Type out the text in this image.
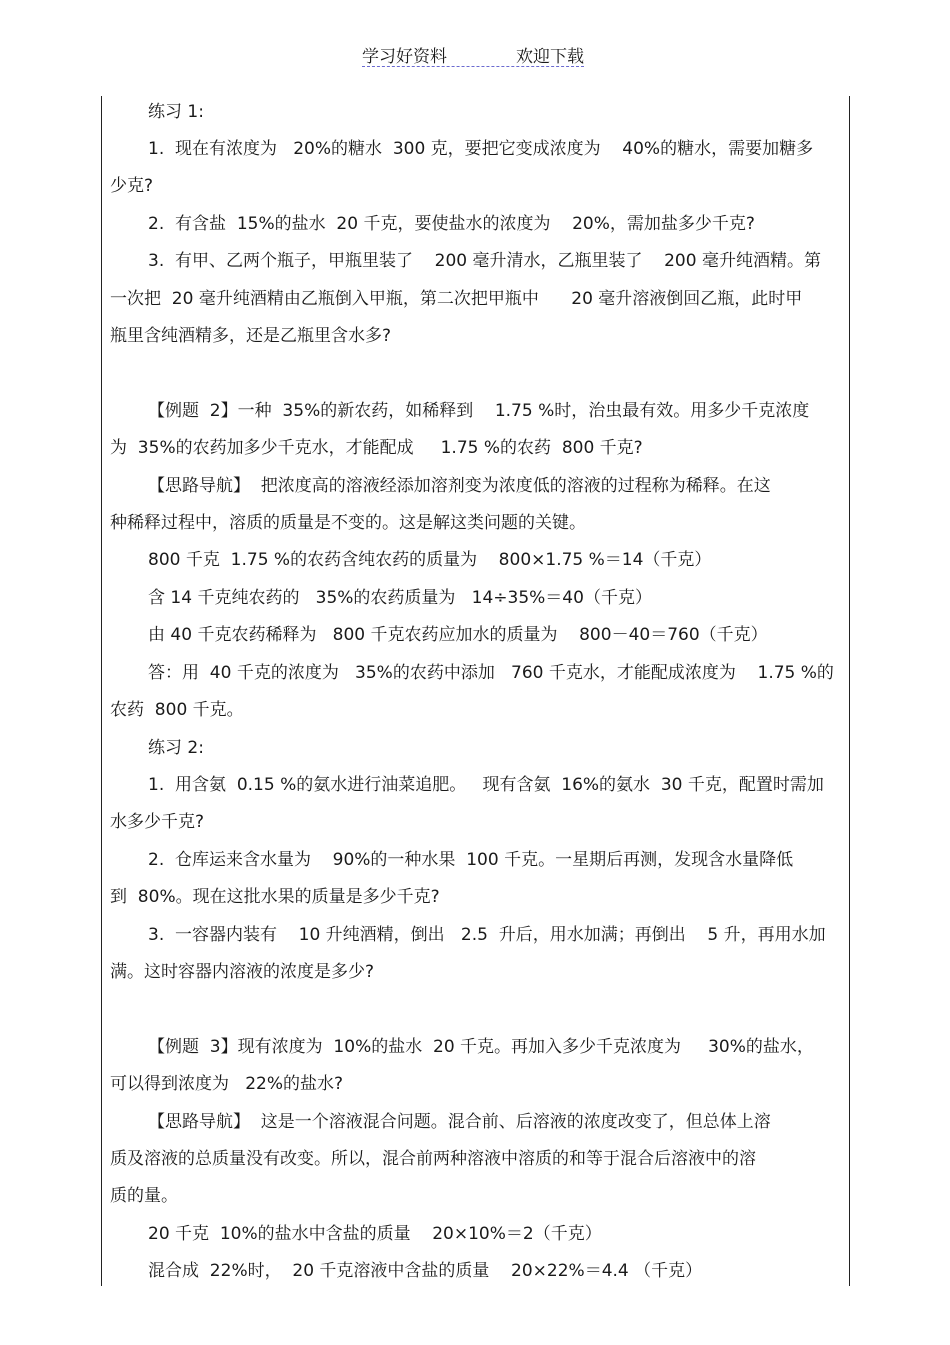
学习好资料	欢迎下载
练习 1:
1.  现在有浓度为   20%的糖水  300 克，要把它变成浓度为    40%的糖水，需要加糖多
少克?
2.  有含盐  15%的盐水  20 千克，要使盐水的浓度为    20%，需加盐多少千克?
3.  有甲、乙两个瓶子，甲瓶里装了    200 毫升清水，乙瓶里装了    200 毫升纯酒精。第
一次把  20 毫升纯酒精由乙瓶倒入甲瓶，第二次把甲瓶中      20 毫升溶液倒回乙瓶，此时甲
瓶里含纯酒精多，还是乙瓶里含水多?
【例题  2】一种  35%的新农药，如稀释到    1.75 %时，治虫最有效。用多少千克浓度
为  35%的农药加多少千克水，才能配成     1.75 %的农药  800 千克?
【思路导航】  把浓度高的溶液经添加溶剂变为浓度低的溶液的过程称为稀释。在这
种稀释过程中，溶质的质量是不变的。这是解这类问题的关键。
800 千克  1.75 %的农药含纯农药的质量为    800×1.75 %＝14（千克）
含 14 千克纯农药的   35%的农药质量为   14÷35%＝40（千克）
由 40 千克农药稀释为   800 千克农药应加水的质量为    800－40＝760（千克）
答：用  40 千克的浓度为   35%的农药中添加   760 千克水，才能配成浓度为    1.75 %的
农药  800 千克。
练习 2:
1.  用含氨  0.15 %的氨水进行油菜追肥。   现有含氨  16%的氨水  30 千克，配置时需加
水多少千克?
2.  仓库运来含水量为    90%的一种水果  100 千克。一星期后再测，发现含水量降低
到  80%。现在这批水果的质量是多少千克?
3.  一容器内装有    10 升纯酒精，倒出   2.5  升后，用水加满；再倒出    5 升，再用水加
满。这时容器内溶液的浓度是多少?
【例题  3】现有浓度为  10%的盐水  20 千克。再加入多少千克浓度为     30%的盐水，
可以得到浓度为   22%的盐水?
【思路导航】  这是一个溶液混合问题。混合前、后溶液的浓度改变了，但总体上溶
质及溶液的总质量没有改变。所以，混合前两种溶液中溶质的和等于混合后溶液中的溶
质的量。
20 千克  10%的盐水中含盐的质量    20×10%＝2（千克）
混合成  22%时，  20 千克溶液中含盐的质量    20×22%＝4.4 （千克）
